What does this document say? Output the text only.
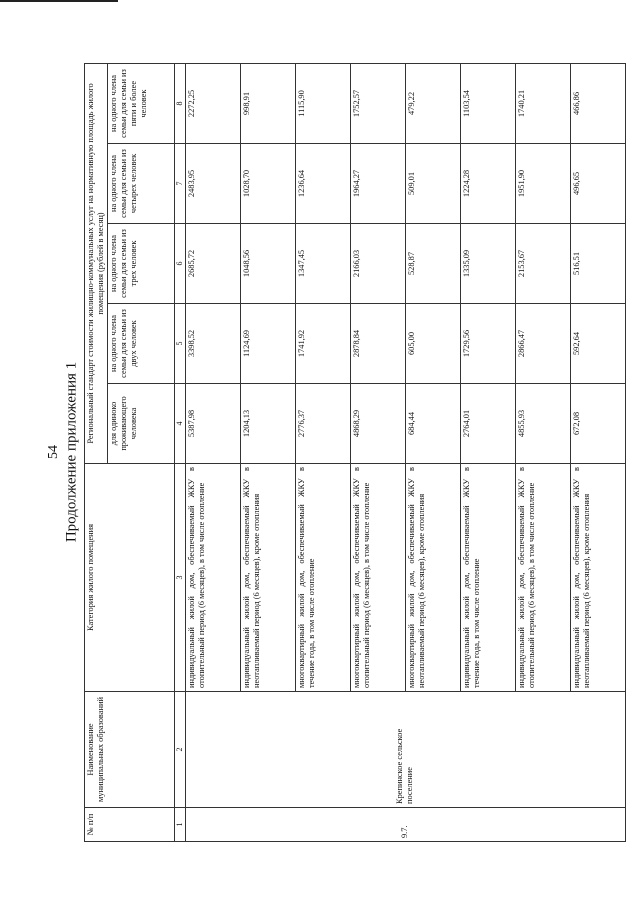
54 Продолжение приложения 1
№ п/п	Наименование муниципальных образований	Категория жилого помещения	Региональный стандарт стоимости жилищно-коммунальных услуг на нормативную площадь жилого помещения (рублей в месяц)				
			для одиноко проживающего человека	на одного члена семьи для семьи из двух человек	на одного члена семьи для семьи из трех человек	на одного члена семьи для семьи из четырех человек	на одного члена семьи для семьи из пяти и более человек
1	2	3	4	5	6	7	8
9.7.	Крепинское сельское поселение	индивидуальный жилой дом, обеспечиваемый ЖКУ в отопительный период (6 месяцев), в том числе отопление	5387,98	3398,52	2685,72	2483,95	2272,25
		индивидуальный жилой дом, обеспечиваемый ЖКУ в неотапливаемый период (6 месяцев), кроме отопления	1204,13	1124,69	1048,56	1028,70	998,91
		многоквартирный жилой дом, обеспечиваемый ЖКУ в течение года, в том числе отопление	2776,37	1741,92	1347,45	1236,64	1115,90
		многоквартирный жилой дом, обеспечиваемый ЖКУ в отопительный период (6 месяцев), в том числе отопление	4868,29	2878,84	2166,03	1964,27	1752,57
		многоквартирный жилой дом, обеспечиваемый ЖКУ в неотапливаемый период (6 месяцев), кроме отопления	684,44	605,00	528,87	509,01	479,22
		индивидуальный жилой дом, обеспечиваемый ЖКУ в течение года, в том числе отопление	2764,01	1729,56	1335,09	1224,28	1103,54
		индивидуальный жилой дом, обеспечиваемый ЖКУ в отопительный период (6 месяцев), в том числе отопление	4855,93	2866,47	2153,67	1951,90	1740,21
		индивидуальный жилой дом, обеспечиваемый ЖКУ в неотапливаемый период (6 месяцев), кроме отопления	672,08	592,64	516,51	496,65	466,86
